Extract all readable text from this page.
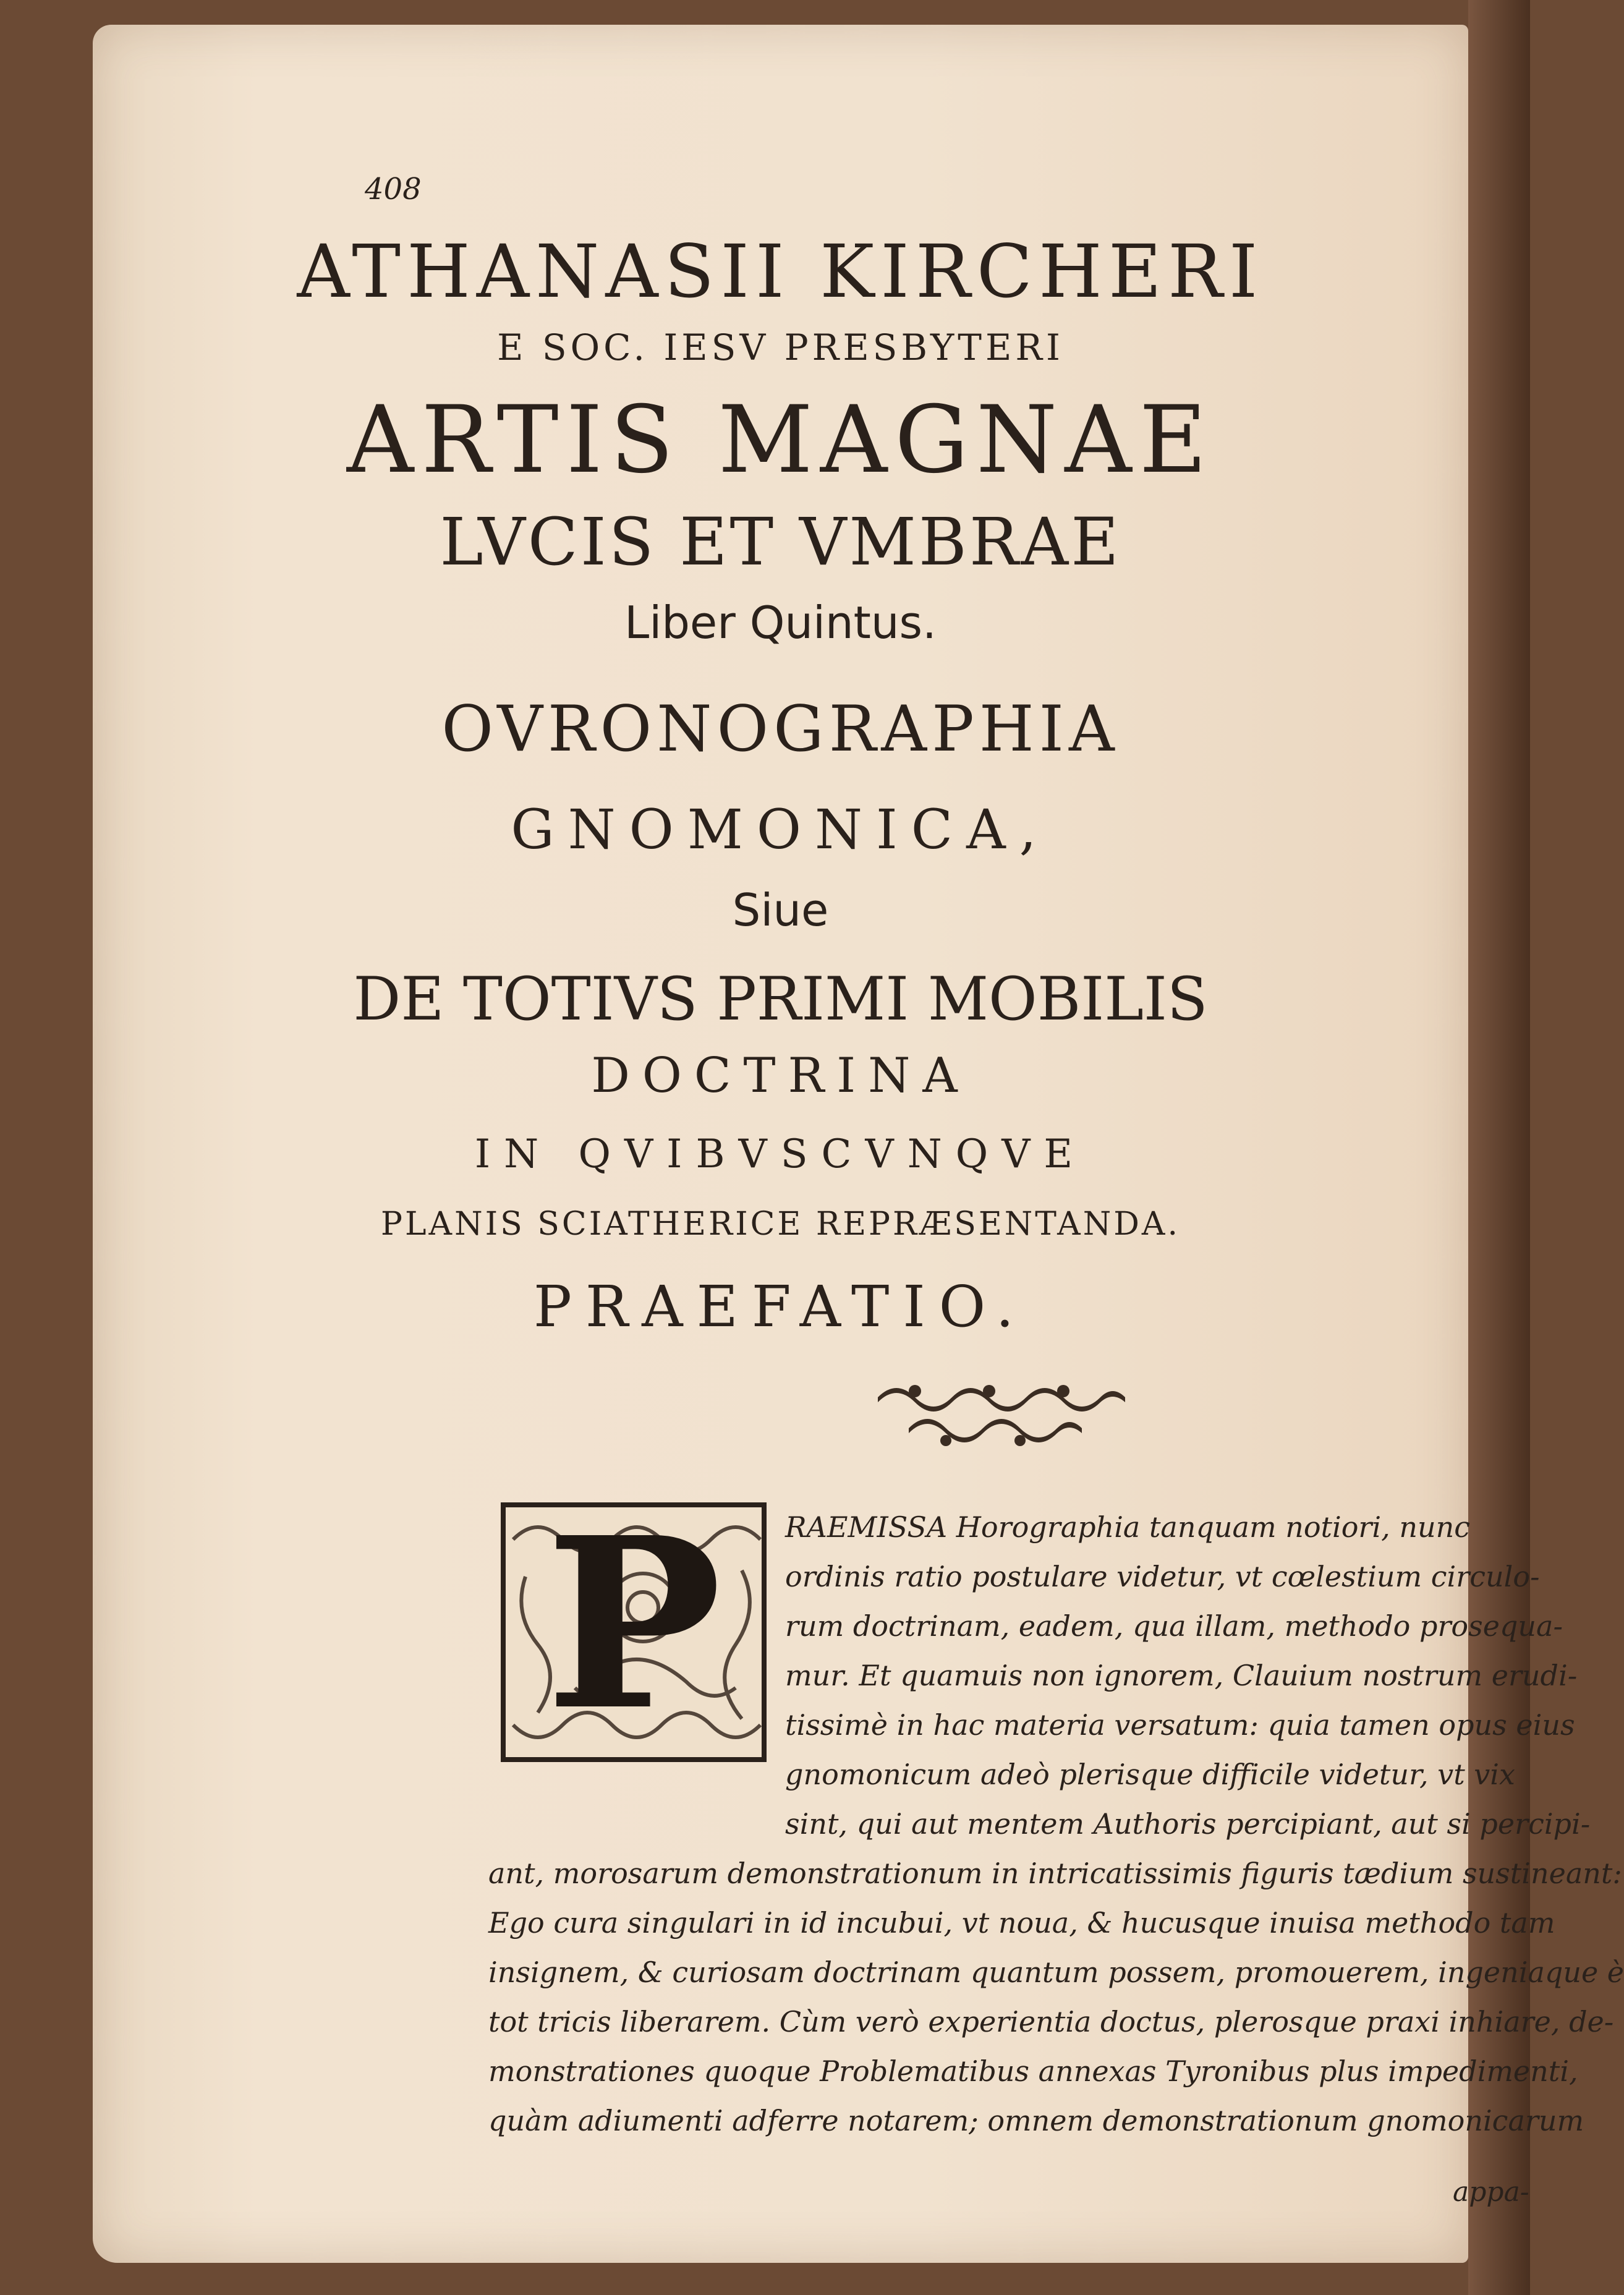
408
ATHANASII KIRCHERI
E SOC. IESV PRESBYTERI
ARTIS MAGNAE
LVCIS ET VMBRAE
Liber Quintus.
OVRONOGRAPHIA
GNOMONICA,
Siue
DE TOTIVS PRIMI MOBILIS
DOCTRINA
IN QVIBVSCVNQVE
PLANIS SCIATHERICE REPRÆSENTANDA.
PRAEFATIO.
P RAEMISSA Horographia tanquam notiori, nunc
ordinis ratio postulare videtur, vt cœlestium circulo-
rum doctrinam, eadem, qua illam, methodo prosequa-
mur. Et quamuis non ignorem, Clauium nostrum erudi-
tissimè in hac materia versatum: quia tamen opus eius
gnomonicum adeò plerisque difficile videtur, vt vix
sint, qui aut mentem Authoris percipiant, aut si percipi-
ant, morosarum demonstrationum in intricatissimis figuris tædium sustineant:
Ego cura singulari in id incubui, vt noua, & hucusque inuisa methodo tam
insignem, & curiosam doctrinam quantum possem, promouerem, ingeniaque è
tot tricis liberarem. Cùm verò experientia doctus, plerosque praxi inhiare, de-
monstrationes quoque Problematibus annexas Tyronibus plus impedimenti,
quàm adiumenti adferre notarem; omnem demonstrationum gnomonicarum
appa-
